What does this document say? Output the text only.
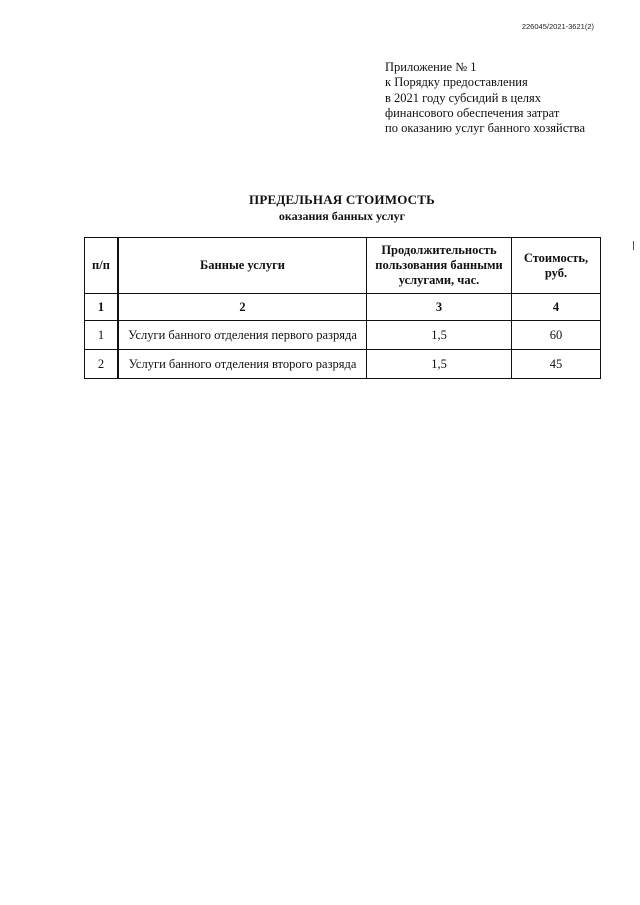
226045/2021-3621(2)
Приложение № 1
к Порядку предоставления
в 2021 году субсидий в целях
финансового обеспечения затрат
по оказанию услуг банного хозяйства
ПРЕДЕЛЬНАЯ СТОИМОСТЬ
оказания банных услуг
п/п	Банные услуги	Продолжительность пользования банными услугами, час.	Стоимость, руб.
1	2	3	4
1	Услуги банного отделения первого разряда	1,5	60
2	Услуги банного отделения второго разряда	1,5	45
